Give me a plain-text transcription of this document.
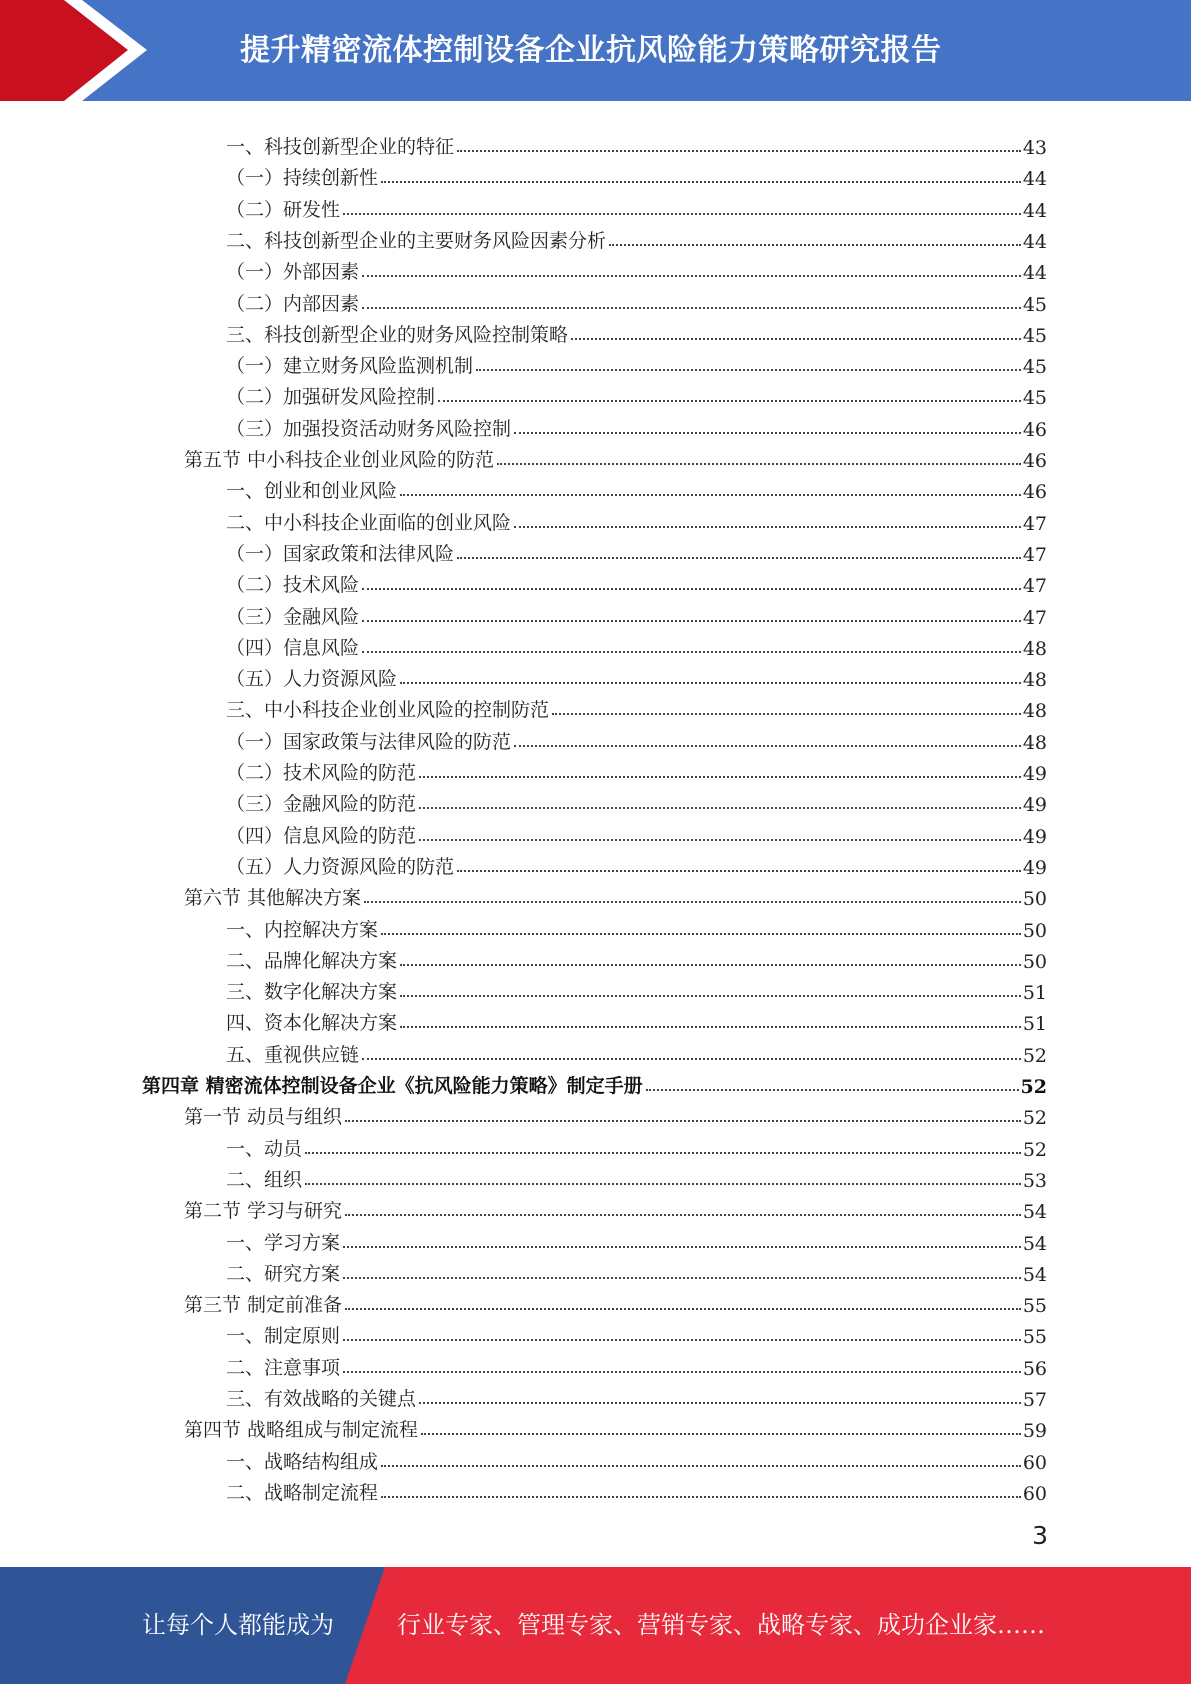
提升精密流体控制设备企业抗风险能力策略研究报告
一、科技创新型企业的特征	43
（一）持续创新性	44
（二）研发性	44
二、科技创新型企业的主要财务风险因素分析	44
（一）外部因素	44
（二）内部因素	45
三、科技创新型企业的财务风险控制策略	45
（一）建立财务风险监测机制	45
（二）加强研发风险控制	45
（三）加强投资活动财务风险控制	46
第五节 中小科技企业创业风险的防范	46
一、创业和创业风险	46
二、中小科技企业面临的创业风险	47
（一）国家政策和法律风险	47
（二）技术风险	47
（三）金融风险	47
（四）信息风险	48
（五）人力资源风险	48
三、中小科技企业创业风险的控制防范	48
（一）国家政策与法律风险的防范	48
（二）技术风险的防范	49
（三）金融风险的防范	49
（四）信息风险的防范	49
（五）人力资源风险的防范	49
第六节 其他解决方案	50
一、内控解决方案	50
二、品牌化解决方案	50
三、数字化解决方案	51
四、资本化解决方案	51
五、重视供应链	52
第四章 精密流体控制设备企业《抗风险能力策略》制定手册	52
第一节 动员与组织	52
一、动员	52
二、组织	53
第二节 学习与研究	54
一、学习方案	54
二、研究方案	54
第三节 制定前准备	55
一、制定原则	55
二、注意事项	56
三、有效战略的关键点	57
第四节 战略组成与制定流程	59
一、战略结构组成	60
二、战略制定流程	60
3
让每个人都能成为	行业专家、管理专家、营销专家、战略专家、成功企业家……
